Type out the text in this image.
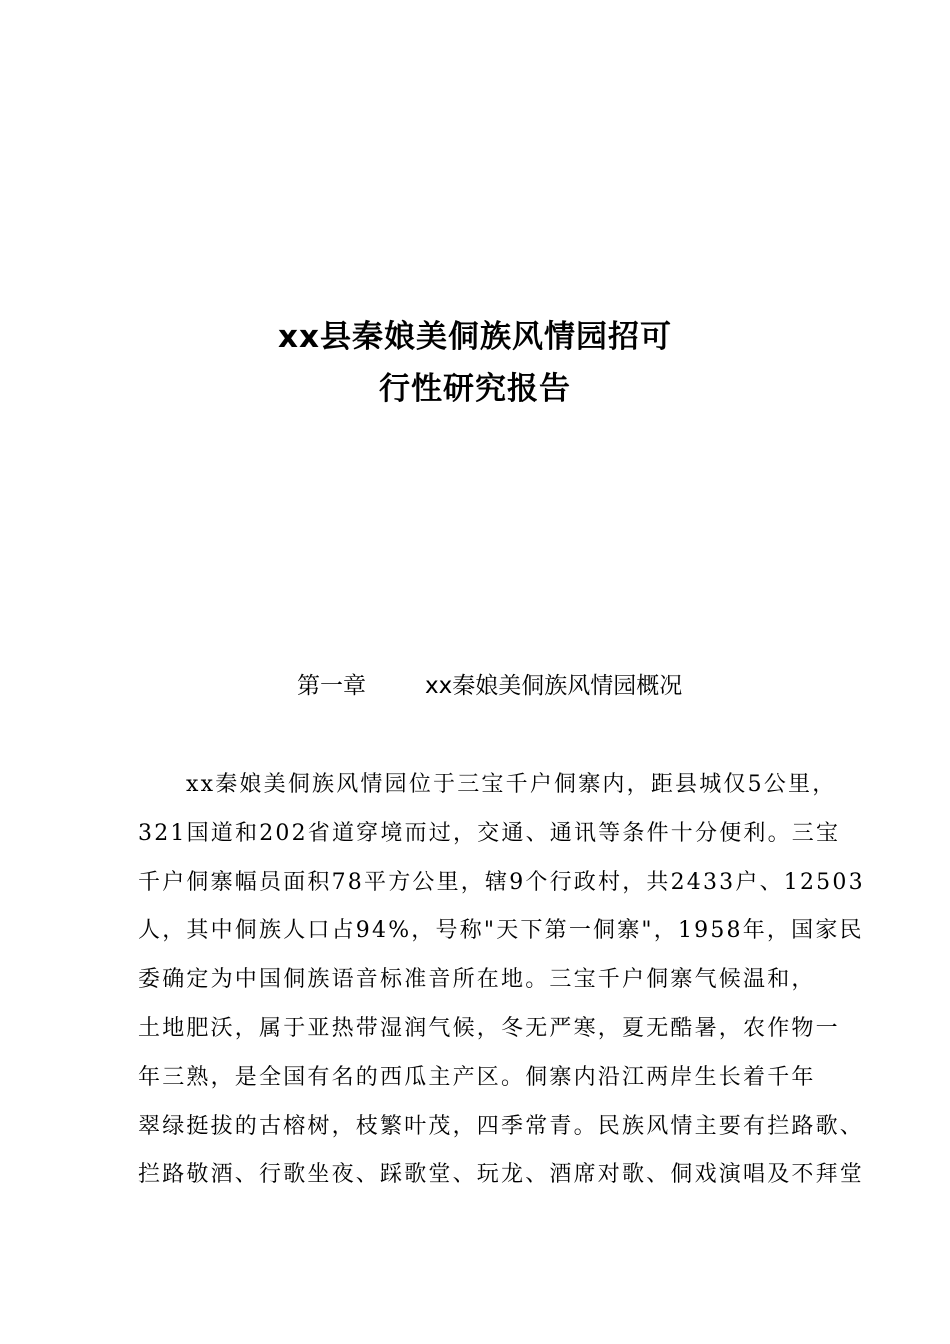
xx县秦娘美侗族风情园招可
行性研究报告
第一章	xx秦娘美侗族风情园概况
xx秦娘美侗族风情园位于三宝千户侗寨内，距县城仅5公里，
321国道和202省道穿境而过，交通、通讯等条件十分便利。三宝
千户侗寨幅员面积78平方公里，辖9个行政村，共2433户、12503
人，其中侗族人口占94%，号称"天下第一侗寨"，1958年，国家民
委确定为中国侗族语音标准音所在地。三宝千户侗寨气候温和，
土地肥沃，属于亚热带湿润气候，冬无严寒，夏无酷暑，农作物一
年三熟，是全国有名的西瓜主产区。侗寨内沿江两岸生长着千年
翠绿挺拔的古榕树，枝繁叶茂，四季常青。民族风情主要有拦路歌、
拦路敬酒、行歌坐夜、踩歌堂、玩龙、酒席对歌、侗戏演唱及不拜堂
